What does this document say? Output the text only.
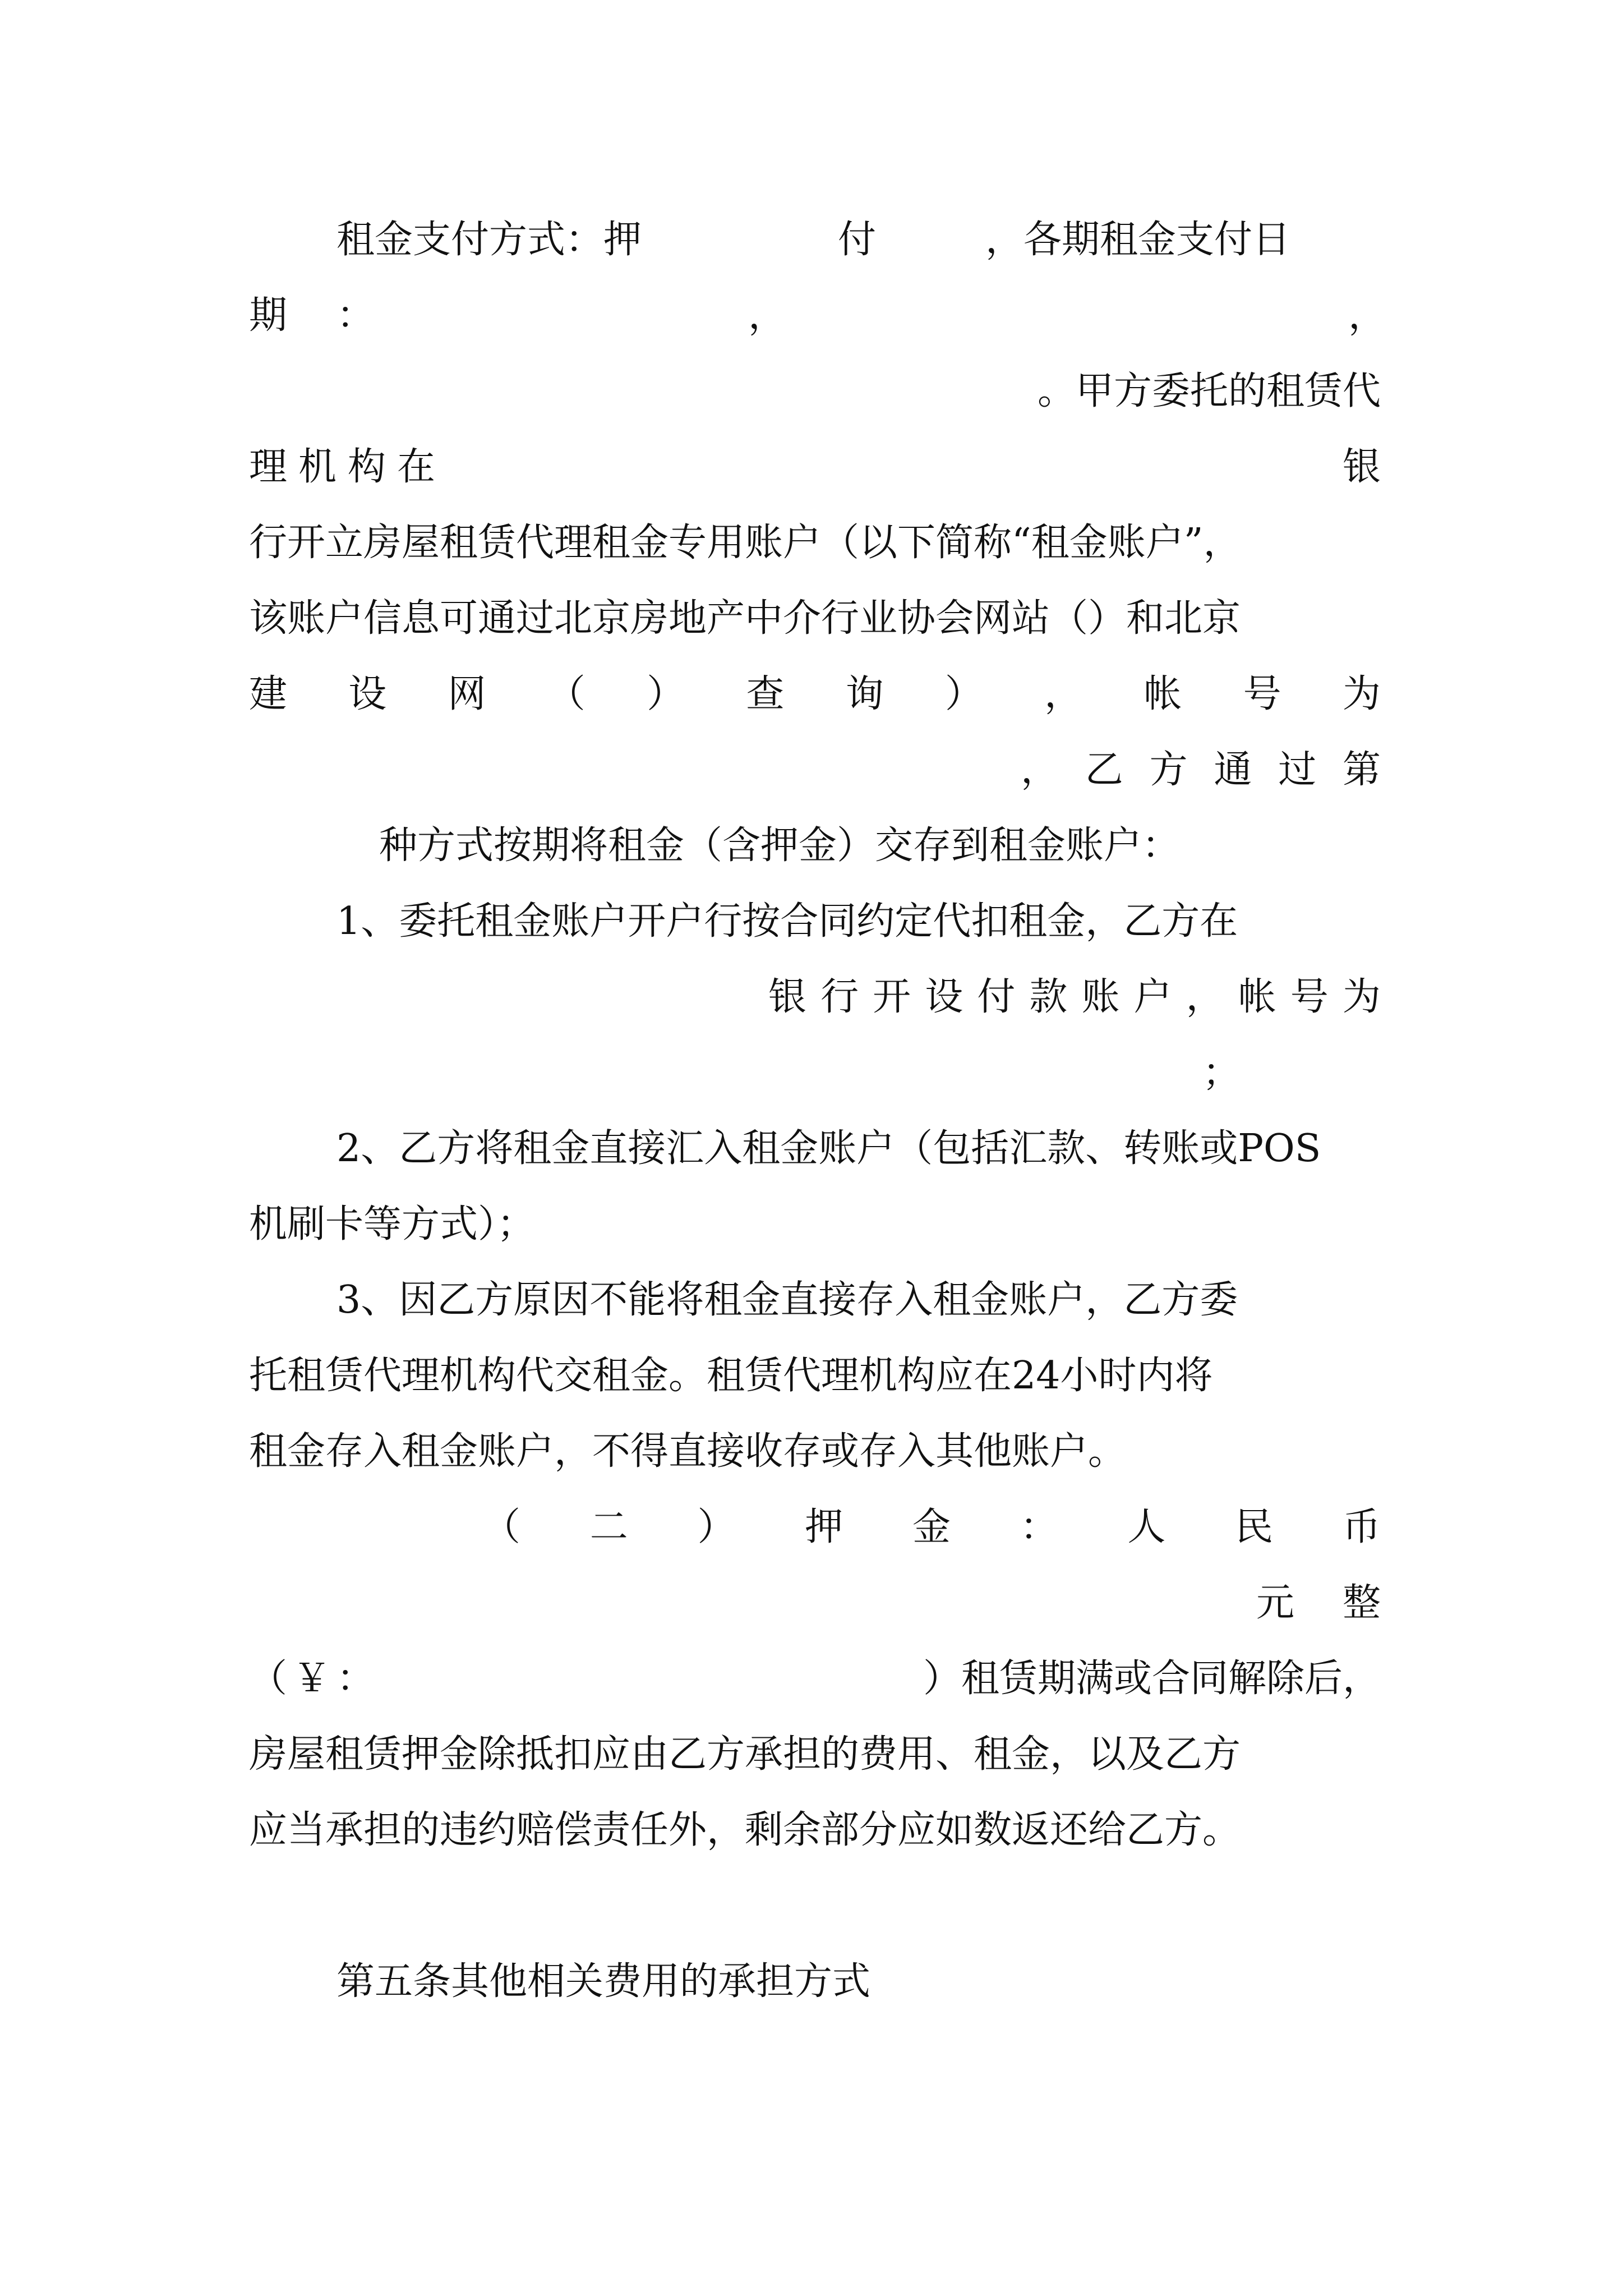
租金支付方式：押	付	，各期租金支付日
期 ：	，	，
。甲方委托的租赁代
理机构在	银
行开立房屋租赁代理租金专用账户（以下简称“租金账户”，
该账户信息可通过北京房地产中介行业协会网站（）和北京
建 设 网 （ ） 查 询 ） ， 帐 号 为
， 乙 方 通 过 第
种方式按期将租金（含押金）交存到租金账户：
1、委托租金账户开户行按合同约定代扣租金，乙方在
银 行 开 设 付 款 账 户 ， 帐 号 为
；
2、乙方将租金直接汇入租金账户（包括汇款、转账或POS
机刷卡等方式）；
3、因乙方原因不能将租金直接存入租金账户，乙方委
托租赁代理机构代交租金。租赁代理机构应在24小时内将
租金存入租金账户，不得直接收存或存入其他账户。
（ 二 ） 押 金 ： 人 民 币
元 整
（￥：	）租赁期满或合同解除后，
房屋租赁押金除抵扣应由乙方承担的费用、租金，以及乙方
应当承担的违约赔偿责任外，剩余部分应如数返还给乙方。
第五条其他相关费用的承担方式
